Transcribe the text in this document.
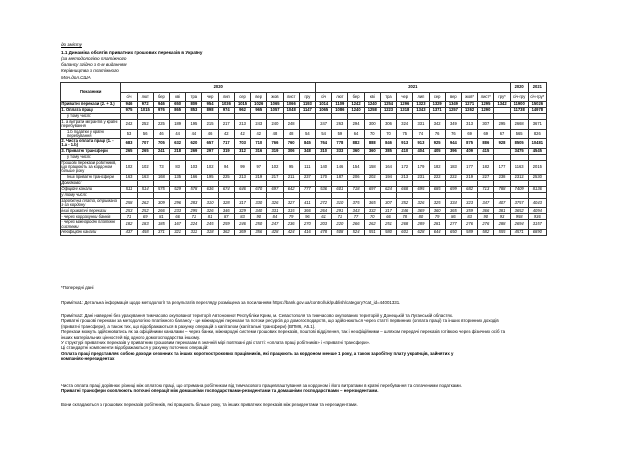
до змісту
1.1 Динаміка обсягів приватних грошових переказів в Україну
(за методологією платіжного
балансу згідно з 6-м виданням
Керівництва з платіжного
Млн.дол.США
Показники	2020												2021												2020	2021
	січ	лют	бер	кві	тра	чер	лип	сер	вер	жов	лист	гру	січ	лют	бер	кві	тра	чер	лип	сер	вер	жов*	лист*	гру*	січ-гру	січ-гру*
Приватні перекази (2. + 3.)	946	972	946	650	809	954	1036	1015	1026	1065	1066	1193	1014	1109	1242	1240	1254	1296	1323	1329	1349	1271	1295	1342	11900	15026
1. Оплата праці	975	1015	976	865	853	898	974	962	965	1057	1048	1147	1065	1086	1240	1258	1223	1318	1343	1371	1257	1262	1290		11738	14978
у тому числі:																										
1. а витрати мігрантів у країні перебування	242	252	225	189	195	215	217	213	243	240	248		247	263	294	300	306	324	331	342	349	313	307	295	2668	3671
1.b податки у країні перебування	53	56	46	44	44	46	42	42	42	48	48	54	54	59	64	70	70	75	74	76	76	69	69	67	565	826
2. Чиста оплата праці (1. - 1.a - 1.b)	683	707	705	632	620	657	717	703	710	766	760	845	764	778	882	888	846	913	913	925	944	875	886	928	8505	10481
3. Приватні трансфери	265	265	241	218	269	297	319	312	316	319	306	348	310	333	360	360	385	410	404	405	396	409	415		3475	4545
у тому числі:																										
Грошові перекази робітників, що працюють за кордоном більше року	102	102	73	83	103	102	94	99	97	102	95	111	140	146	154	158	164	172	179	182	183	177	182	177	1163	2015
Інші приватні трансфери	163	163	168	135	166	195	225	213	219	217	211	237	170	187	206	202	194	213	231	222	222	219	227	238	2312	2530
Довідково:																										
Офіційні канали	511	514	575	529	578	636	674	646	670	697	642	777	536	601	718	697	624	668	695	685	699	682	713	788	7409	8136
у тому числі:																										
заробітна плата, отримана з-за кордону	258	262	309	296	283	310	328	317	330	326	327	411	272	310	375	365	307	352	326	325	334	323	347	407	3757	4043
інші приватні перекази	253	252	266	233	295	326	346	329	340	331	315	366	264	291	343	332	317	346	369	360	365	359	366	381	3652	4094
- через коррахунки банків	71	69	81	66	71	81	87	83	90	84	79	96	61	71	77	70	66	78	80	79	86	83	90	93	958	936
- через міжнародні платіжні системи	182	183	185	167	224	245	259	246	250	247	236	270	203	220	266	262	251	268	289	281	277	276	276	288	2694	3157
Неофіційні канали	437	458	371	321	311	318	362	369	356	428	424	416	478	508	524	551	580	601	628	644	650	589	582	555	4571	6890
*Попередні дані
Примітка1: Детальна інформація щодо методології та результатів перегляду розміщена за посиланням https://bank.gov.ua/control/uk/publish/category?cat_id=44001331.
Примітка2: Дані наведені без урахування тимчасово окупованої території Автономної Республіки Крим, м. Севастополя та тимчасово окупованих територій у Донецькій та Луганській областях.
Приватні грошові перекази за методологією платіжного балансу - це міжнародні перекази та потоки ресурсів до домогосподарств, що здійснюються через статті первинних (оплата праці) та інших вторинних доходів
(приватні трансфери), а також тих, що відображаються в рахунку операцій з капіталом (капітальні трансфери) (ВПМ6, А5.1).
Перекази можуть здійснюватись як за офіційними каналами – через банки, міжнародні системи грошових переказів, поштові відділення, так і неофіційними – шляхом передачі переказів готівкою через фізичних осіб та
інших матеріальних цінностей від одного домогосподарства іншому.
У структурі приватних переказів у приватним грошовим переказам в значній мірі пов'язані дві статті: «оплата праці робітників» і «приватні трансфери».
Ці стандартні компоненти відображаються у рахунку поточних операцій:
Оплата праці представляє собою доходи сезонних та інших короткострокових працівників, які працюють за кордоном менше 1 року, а також заробітну плату українців, зайнятих у
компаніях-нерезидентах
Чиста оплата праці дорівнює різниці між оплатою праці, що отримана робітником від тимчасового працевлаштування за кордоном і його витратами в країні перебування та сплаченими податками.
Приватні трансфери охоплюють поточні операції між домашніми господарствами-резидентами та домашніми господарствами – нерезидентами.
Вони складаються з грошових переказів робітників, які працюють більше року, та інших приватних переказів між резидентами та нерезидентами.
